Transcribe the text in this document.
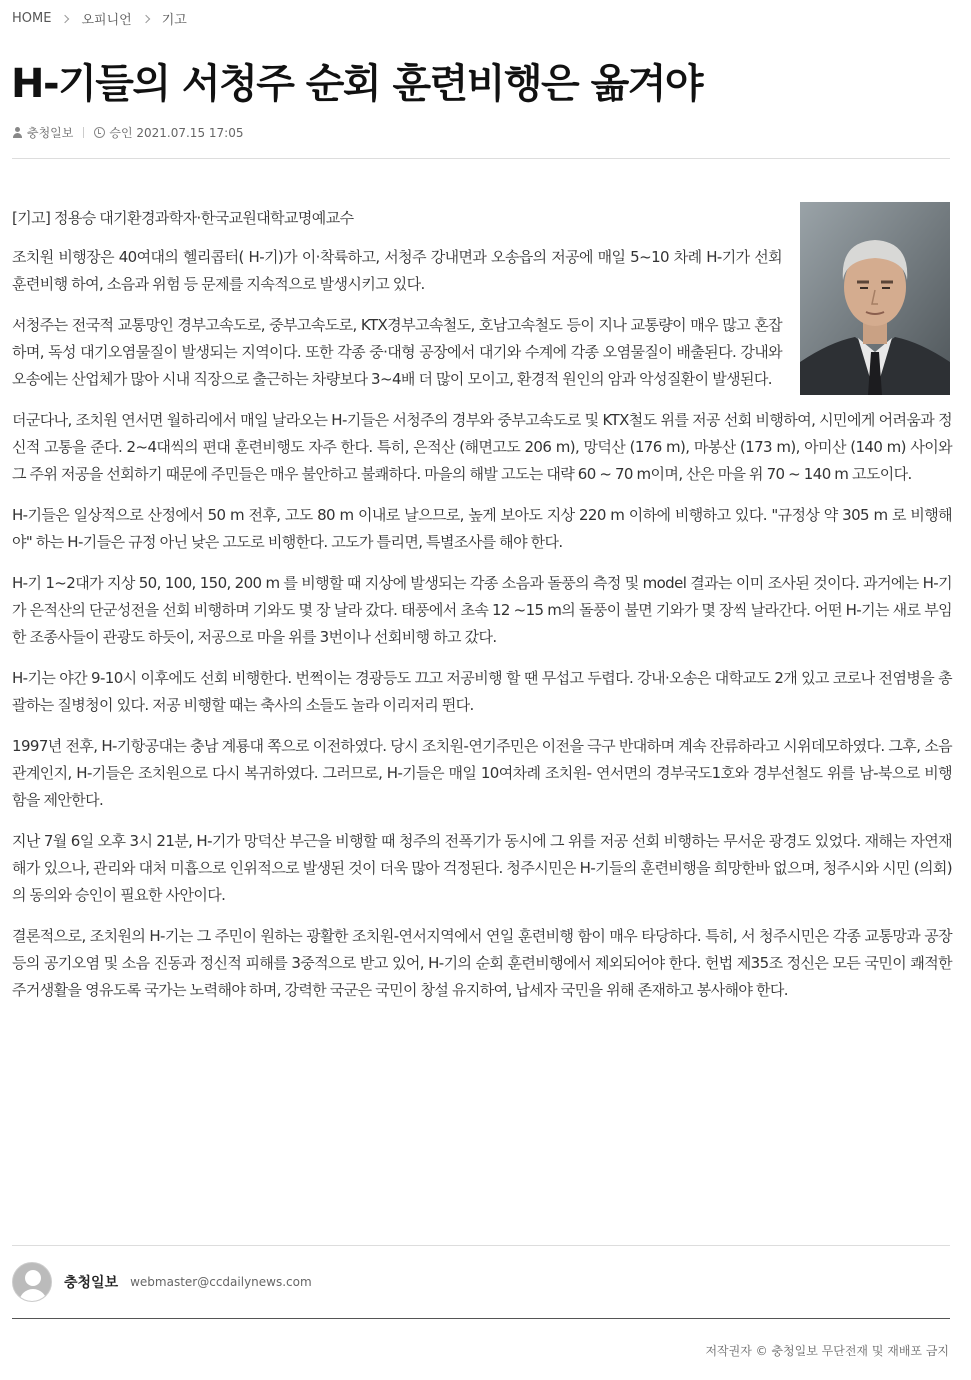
HOME 오피니언 기고
H-기들의 서청주 순회 훈련비행은 옮겨야
충청일보	승인 2021.07.15 17:05

[기고] 정용승 대기환경과학자·한국교원대학교명예교수

조치원 비행장은 40여대의 헬리콥터( H-기)가 이·착륙하고, 서청주 강내면과 오송읍의 저공에 매일 5~10 차례 H-기가 선회 훈련비행 하여, 소음과 위험 등 문제를 지속적으로 발생시키고 있다.

서청주는 전국적 교통망인 경부고속도로, 중부고속도로, KTX경부고속철도, 호남고속철도 등이 지나 교통량이 매우 많고 혼잡하며, 독성 대기오염물질이 발생되는 지역이다. 또한 각종 중·대형 공장에서 대기와 수계에 각종 오염물질이 배출된다. 강내와 오송에는 산업체가 많아 시내 직장으로 출근하는 차량보다 3~4배 더 많이 모이고, 환경적 원인의 암과 악성질환이 발생된다.

더군다나, 조치원 연서면 월하리에서 매일 날라오는 H-기들은 서청주의 경부와 중부고속도로 및 KTX철도 위를 저공 선회 비행하여, 시민에게 어려움과 정신적 고통을 준다. 2~4대씩의 편대 훈련비행도 자주 한다. 특히, 은적산 (해면고도 206 m), 망덕산 (176 m), 마봉산 (173 m), 아미산 (140 m) 사이와 그 주위 저공을 선회하기 때문에 주민들은 매우 불안하고 불쾌하다. 마을의 해발 고도는 대략 60 ~ 70 m이며, 산은 마을 위 70 ~ 140 m 고도이다.

H-기들은 일상적으로 산정에서 50 m 전후, 고도 80 m 이내로 날으므로, 높게 보아도 지상 220 m 이하에 비행하고 있다. "규정상 약 305 m 로 비행해야" 하는 H-기들은 규정 아닌 낮은 고도로 비행한다. 고도가 틀리면, 특별조사를 해야 한다.

H-기 1~2대가 지상 50, 100, 150, 200 m 를 비행할 때 지상에 발생되는 각종 소음과 돌풍의 측정 및 model 결과는 이미 조사된 것이다. 과거에는 H-기가 은적산의 단군성전을 선회 비행하며 기와도 몇 장 날라 갔다. 태풍에서 초속 12 ~15 m의 돌풍이 불면 기와가 몇 장씩 날라간다. 어떤 H-기는 새로 부임한 조종사들이 관광도 하듯이, 저공으로 마을 위를 3번이나 선회비행 하고 갔다.

H-기는 야간 9-10시 이후에도 선회 비행한다. 번쩍이는 경광등도 끄고 저공비행 할 땐 무섭고 두렵다. 강내·오송은 대학교도 2개 있고 코로나 전염병을 총괄하는 질병청이 있다. 저공 비행할 때는 축사의 소들도 놀라 이리저리 뛴다.

1997년 전후, H-기항공대는 충남 계룡대 쪽으로 이전하였다. 당시 조치원-연기주민은 이전을 극구 반대하며 계속 잔류하라고 시위데모하였다. 그후, 소음 관계인지, H-기들은 조치원으로 다시 복귀하였다. 그러므로, H-기들은 매일 10여차례 조치원- 연서면의 경부국도1호와 경부선철도 위를 남-북으로 비행함을 제안한다.

지난 7월 6일 오후 3시 21분, H-기가 망덕산 부근을 비행할 때 청주의 전폭기가 동시에 그 위를 저공 선회 비행하는 무서운 광경도 있었다. 재해는 자연재해가 있으나, 관리와 대처 미흡으로 인위적으로 발생된 것이 더욱 많아 걱정된다. 청주시민은 H-기들의 훈련비행을 희망한바 없으며, 청주시와 시민 (의회)의 동의와 승인이 필요한 사안이다.

결론적으로, 조치원의 H-기는 그 주민이 원하는 광활한 조치원-연서지역에서 연일 훈련비행 함이 매우 타당하다. 특히, 서 청주시민은 각종 교통망과 공장 등의 공기오염 및 소음 진동과 정신적 피해를 3중적으로 받고 있어, H-기의 순회 훈련비행에서 제외되어야 한다. 헌법 제35조 정신은 모든 국민이 쾌적한 주거생활을 영유도록 국가는 노력해야 하며, 강력한 국군은 국민이 창설 유지하여, 납세자 국민을 위해 존재하고 봉사해야 한다.

충청일보 webmaster@ccdailynews.com
저작권자 © 충청일보 무단전재 및 재배포 금지
